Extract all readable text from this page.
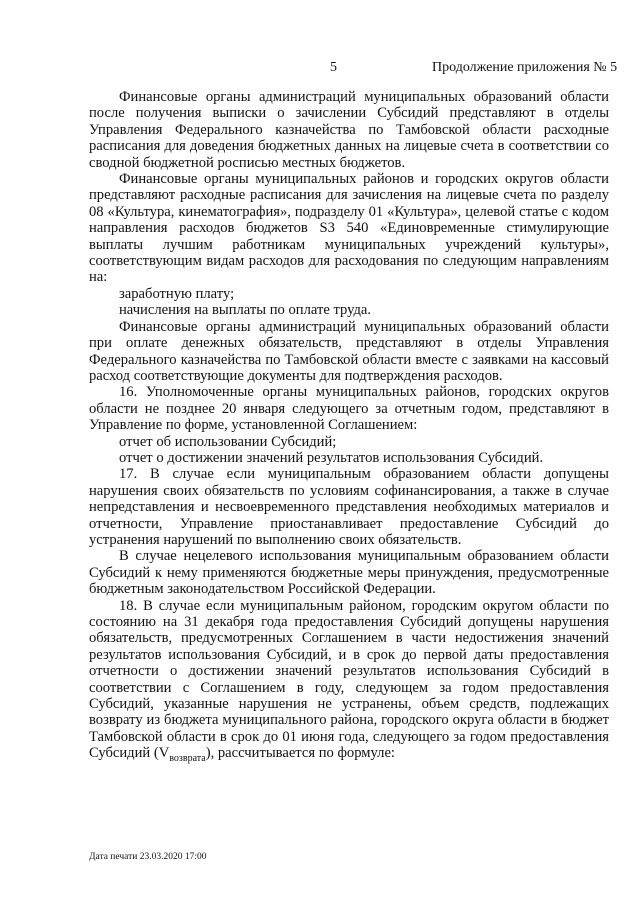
5	Продолжение приложения № 5

Финансовые органы администраций муниципальных образований области после получения выписки о зачислении Субсидий представляют в отделы Управления Федерального казначейства по Тамбовской области расходные расписания для доведения бюджетных данных на лицевые счета в соответствии со сводной бюджетной росписью местных бюджетов.

Финансовые органы муниципальных районов и городских округов области представляют расходные расписания для зачисления на лицевые счета по разделу 08 «Культура, кинематография», подразделу 01 «Культура», целевой статье с кодом направления расходов бюджетов S3 540 «Единовременные стимулирующие выплаты лучшим работникам муниципальных учреждений культуры», соответствующим видам расходов для расходования по следующим направлениям на:

заработную плату;

начисления на выплаты по оплате труда.

Финансовые органы администраций муниципальных образований области при оплате денежных обязательств, представляют в отделы Управления Федерального казначейства по Тамбовской области вместе с заявками на кассовый расход соответствующие документы для подтверждения расходов.

16. Уполномоченные органы муниципальных районов, городских округов области не позднее 20 января следующего за отчетным годом, представляют в Управление по форме, установленной Соглашением:

отчет об использовании Субсидий;

отчет о достижении значений результатов использования Субсидий.

17. В случае если муниципальным образованием области допущены нарушения своих обязательств по условиям софинансирования, а также в случае непредставления и несвоевременного представления необходимых материалов и отчетности, Управление приостанавливает предоставление Субсидий до устранения нарушений по выполнению своих обязательств.

В случае нецелевого использования муниципальным образованием области Субсидий к нему применяются бюджетные меры принуждения, предусмотренные бюджетным законодательством Российской Федерации.

18. В случае если муниципальным районом, городским округом области по состоянию на 31 декабря года предоставления Субсидий допущены нарушения обязательств, предусмотренных Соглашением в части недостижения значений результатов использования Субсидий, и в срок до первой даты предоставления отчетности о достижении значений результатов использования Субсидий в соответствии с Соглашением в году, следующем за годом предоставления Субсидий, указанные нарушения не устранены, объем средств, подлежащих возврату из бюджета муниципального района, городского округа области в бюджет Тамбовской области в срок до 01 июня года, следующего за годом предоставления Субсидий $(V_{возврата})$, рассчитывается по формуле:

Дата печати 23.03.2020 17:00
